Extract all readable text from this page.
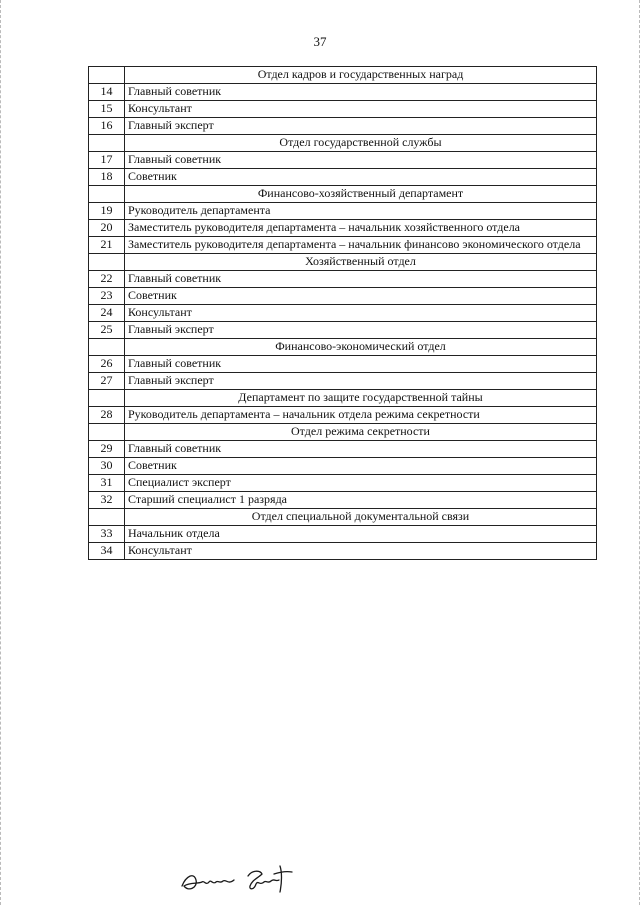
37
	Отдел кадров и государственных наград
14	Главный советник
15	Консультант
16	Главный эксперт
	Отдел государственной службы
17	Главный советник
18	Советник
	Финансово-хозяйственный департамент
19	Руководитель департамента
20	Заместитель руководителя департамента – начальник хозяйственного отдела
21	Заместитель руководителя департамента – начальник финансово экономического отдела
	Хозяйственный отдел
22	Главный советник
23	Советник
24	Консультант
25	Главный эксперт
	Финансово-экономический отдел
26	Главный советник
27	Главный эксперт
	Департамент по защите государственной тайны
28	Руководитель департамента – начальник отдела режима секретности
	Отдел режима секретности
29	Главный советник
30	Советник
31	Специалист эксперт
32	Старший специалист 1 разряда
	Отдел специальной документальной связи
33	Начальник отдела
34	Консультант
